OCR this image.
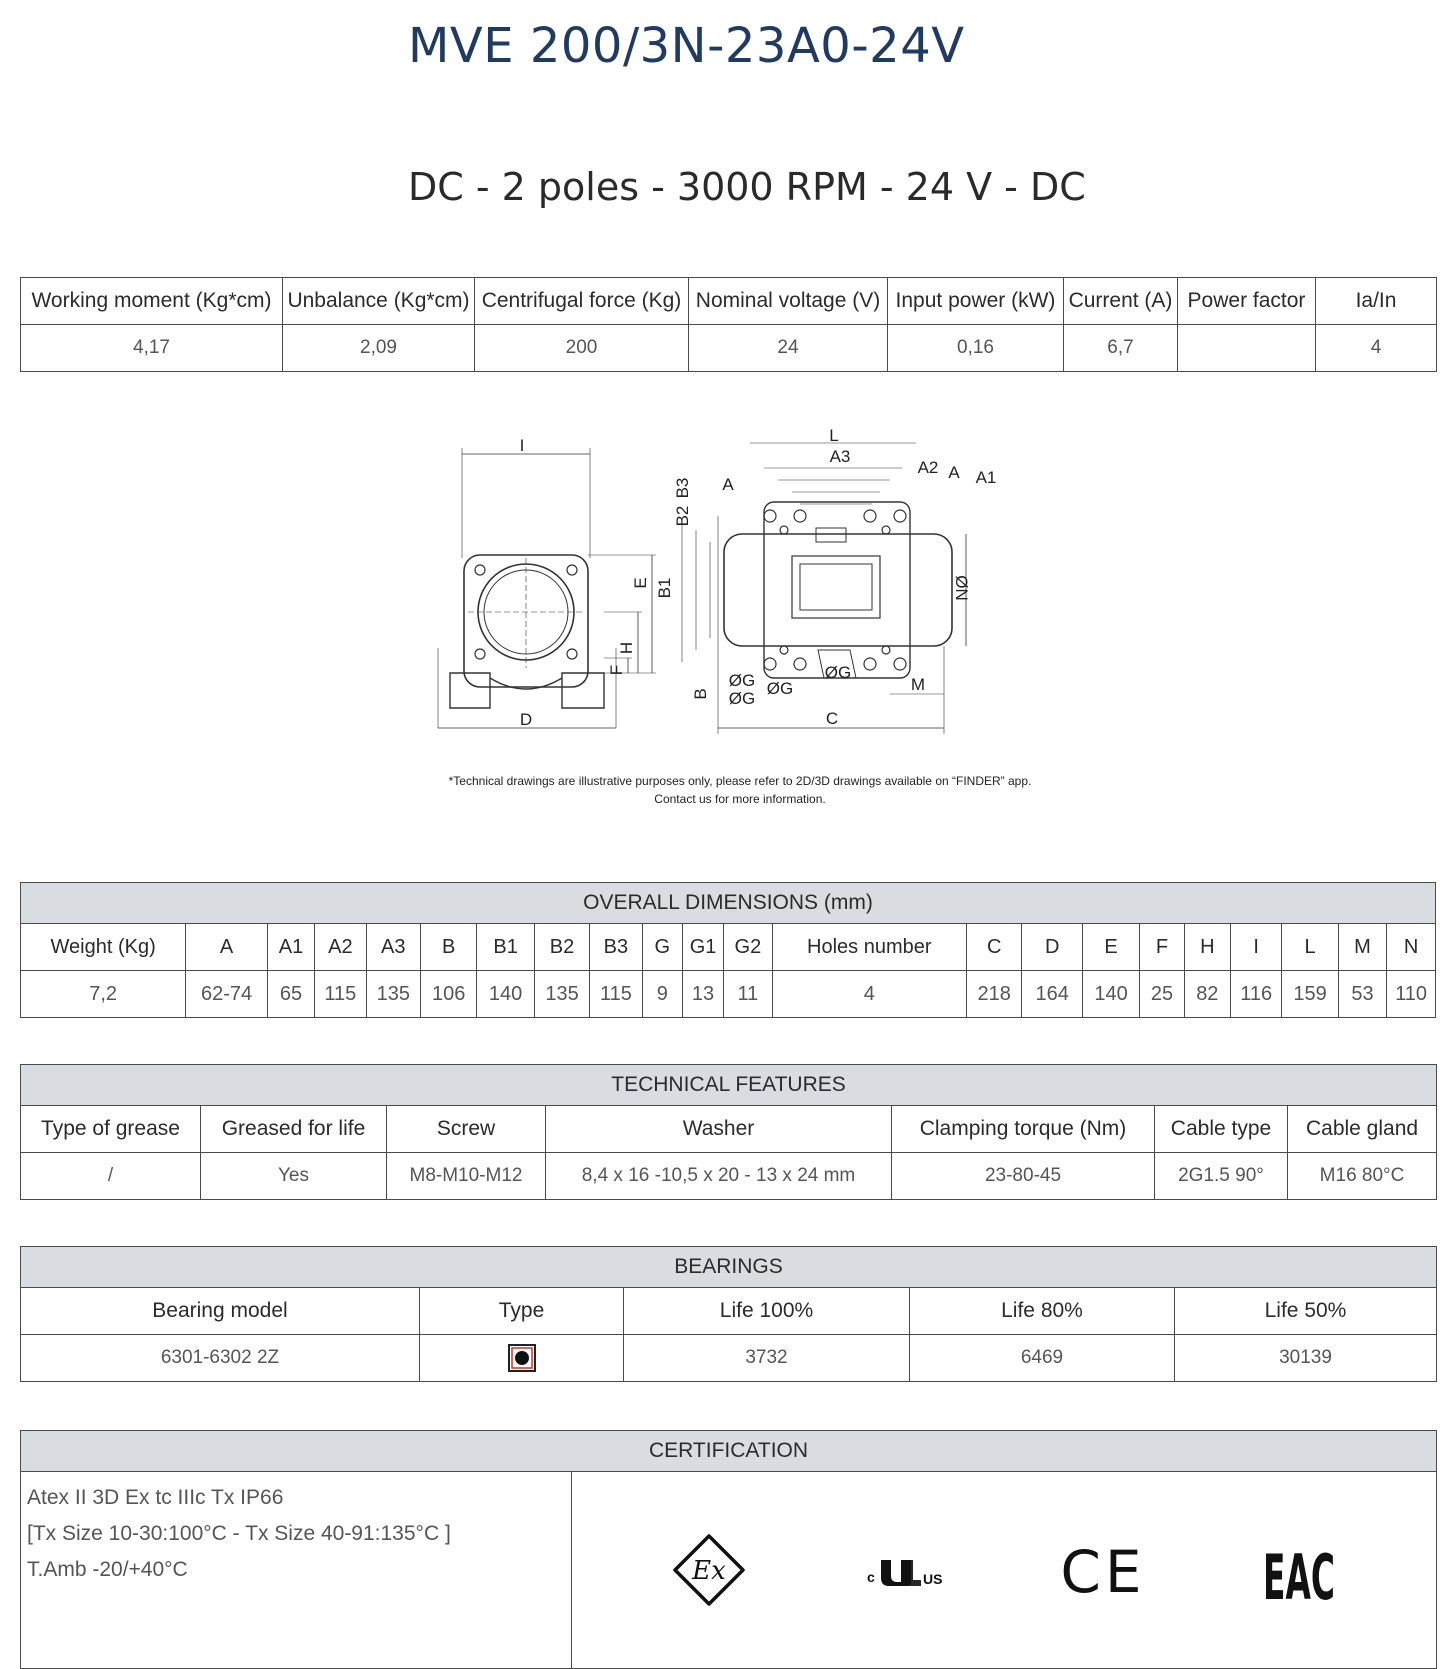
MVE 200/3N-23A0-24V
DC - 2 poles - 3000 RPM - 24 V - DC
Working moment (Kg*cm)	Unbalance (Kg*cm)	Centrifugal force (Kg)	Nominal voltage (V)	Input power (kW)	Current (A)	Power factor	Ia/In
4,17	2,09	200	24	0,16	6,7		4
I
D
E
H
F
L
A3
A2 A A1
A
B3
B2
B1
B
ØN
ØG
ØG
ØG
ØG
M
C
*Technical drawings are illustrative purposes only, please refer to 2D/3D drawings available on “FINDER” app.
Contact us for more information.
OVERALL DIMENSIONS (mm)																					
Weight (Kg)	A	A1	A2	A3	B	B1	B2	B3	G	G1	G2	Holes number	C	D	E	F	H	I	L	M	N
7,2	62-74	65	115	135	106	140	135	115	9	13	11	4	218	164	140	25	82	116	159	53	110
TECHNICAL FEATURES						
Type of grease	Greased for life	Screw	Washer	Clamping torque (Nm)	Cable type	Cable gland
/	Yes	M8-M10-M12	8,4 x 16 -10,5 x 20 - 13 x 24 mm	23-80-45	2G1.5 90°	M16 80°C
BEARINGS				
Bearing model	Type	Life 100%	Life 80%	Life 50%
6301-6302 2Z		3732	6469	30139
CERTIFICATION

Atex II 3D Ex tc IIIc Tx IP66
[Tx Size 10-30:100°C - Tx Size 40-91:135°C ]
T.Amb -20/+40°C	Ex	c	US CE EAC
